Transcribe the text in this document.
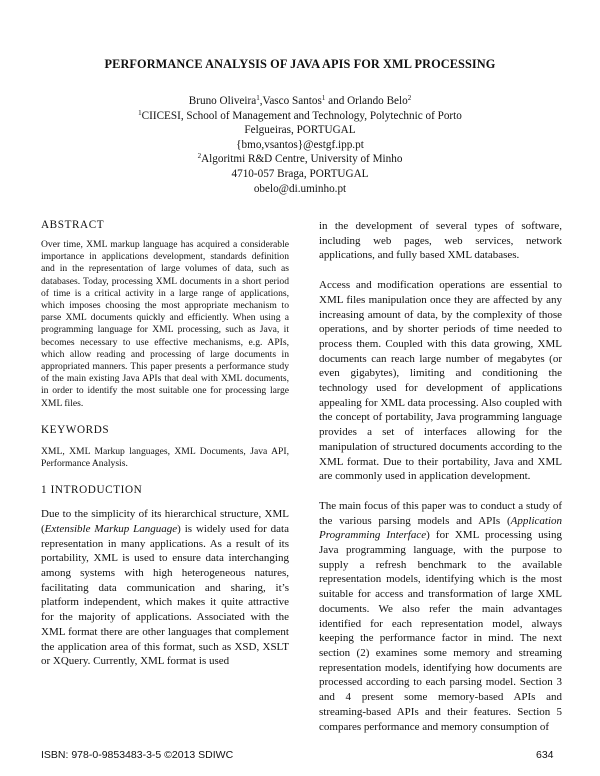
PERFORMANCE ANALYSIS OF JAVA APIS FOR XML PROCESSING
Bruno Oliveira$^1$,Vasco Santos$^1$ and Orlando Belo$^2$
$^1$CIICESI, School of Management and Technology, Polytechnic of Porto
Felgueiras, PORTUGAL
{bmo,vsantos}@estgf.ipp.pt
$^2$Algoritmi R&D Centre, University of Minho
4710-057 Braga, PORTUGAL
obelo@di.uminho.pt

ABSTRACT

Over time, XML markup language has acquired a considerable importance in applications development, standards definition and in the representation of large volumes of data, such as databases. Today, processing XML documents in a short period of time is a critical activity in a large range of applications, which imposes choosing the most appropriate mechanism to parse XML documents quickly and efficiently. When using a programming language for XML processing, such as Java, it becomes necessary to use effective mechanisms, e.g. APIs, which allow reading and processing of large documents in appropriated manners. This paper presents a performance study of the main existing Java APIs that deal with XML documents, in order to identify the most suitable one for processing large XML files.

KEYWORDS

XML, XML Markup languages, XML Documents, Java API, Performance Analysis.

1 INTRODUCTION

Due to the simplicity of its hierarchical structure, XML (Extensible Markup Language) is widely used for data representation in many applications. As a result of its portability, XML is used to ensure data interchanging among systems with high heterogeneous natures, facilitating data communication and sharing, it’s platform independent, which makes it quite attractive for the majority of applications. Associated with the XML format there are other languages that complement the application area of this format, such as XSD, XSLT or XQuery. Currently, XML format is used

in the development of several types of software, including web pages, web services, network applications, and fully based XML databases.

Access and modification operations are essential to XML files manipulation once they are affected by any increasing amount of data, by the complexity of those operations, and by shorter periods of time needed to process them. Coupled with this data growing, XML documents can reach large number of megabytes (or even gigabytes), limiting and conditioning the technology used for development of applications appealing for XML data processing. Also coupled with the concept of portability, Java programming language provides a set of interfaces allowing for the manipulation of structured documents according to the XML format. Due to their portability, Java and XML are commonly used in application development.

The main focus of this paper was to conduct a study of the various parsing models and APIs (Application Programming Interface) for XML processing using Java programming language, with the purpose to supply a refresh benchmark to the available representation models, identifying which is the most suitable for access and transformation of large XML documents. We also refer the main advantages identified for each representation model, always keeping the performance factor in mind. The next section (2) examines some memory and streaming representation models, identifying how documents are processed according to each parsing model. Section 3 and 4 present some memory-based APIs and streaming-based APIs and their features. Section 5 compares performance and memory consumption of

ISBN: 978-0-9853483-3-5 ©2013 SDIWC	634
